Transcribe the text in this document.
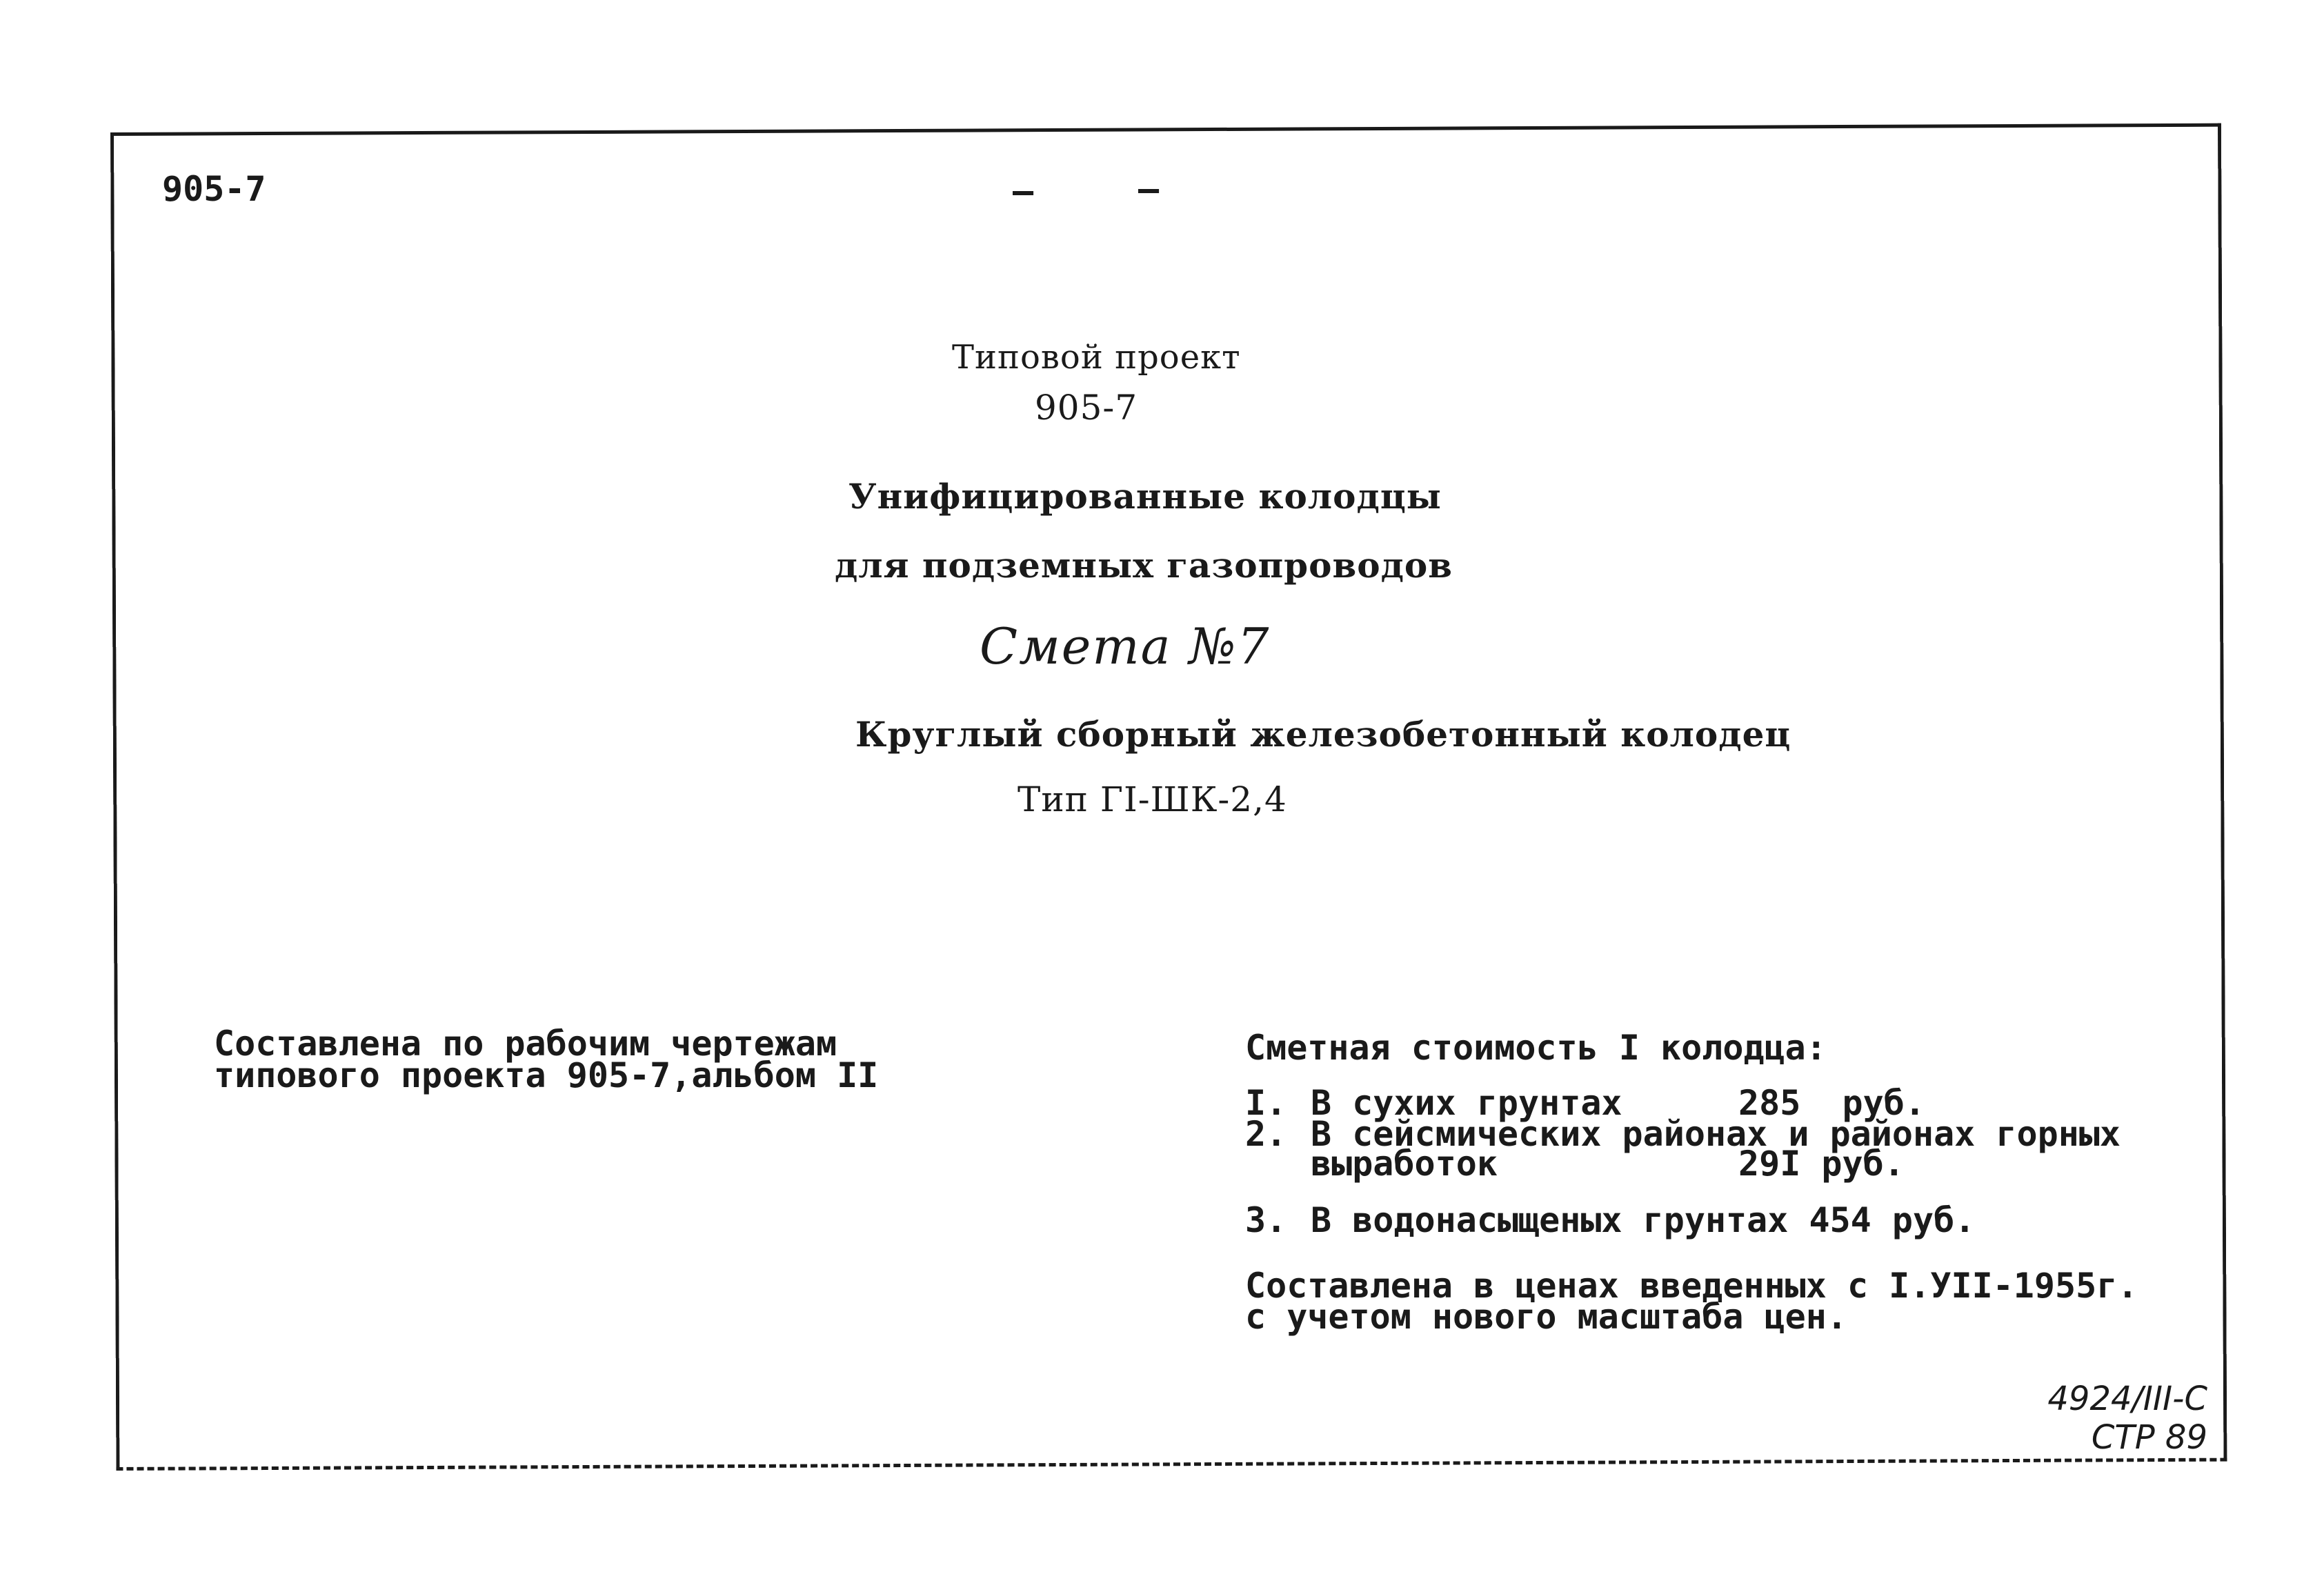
905-7	–	–
Типовой проект
905-7
Унифицированные колодцы
для подземных газопроводов
Смета №7
Круглый сборный железобетонный колодец
Тип ГI-ШК-2,4
Составлена по рабочим чертежам
типового проекта 905-7,альбом II
Сметная стоимость I колодца:
I. В сухих грунтах	285 руб.
2. В сейсмических районах и районах горных
выработок	29I руб.
3. В водонасыщеных грунтах 454 руб.
Составлена в ценах введенных с I.УII-1955г.
с учетом нового масштаба цен.
4924/III-С
СТР 89
